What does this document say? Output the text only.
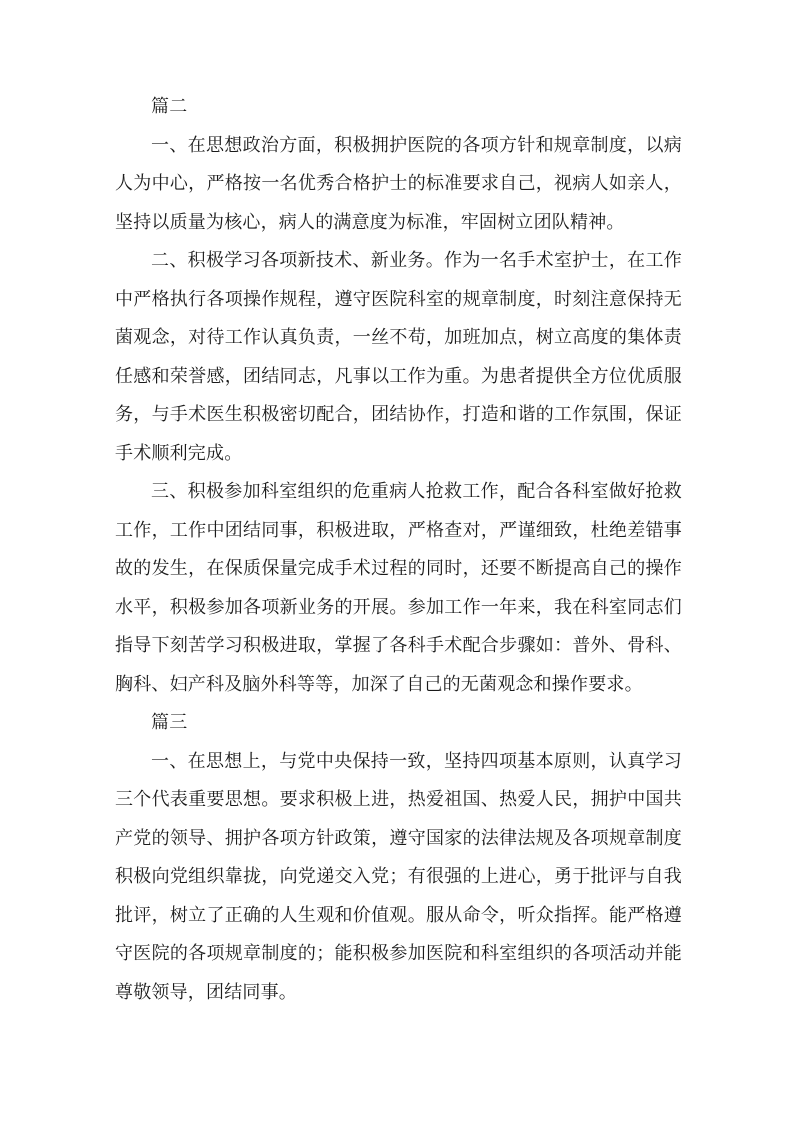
篇二

一、在思想政治方面，积极拥护医院的各项方针和规章制度，以病人为中心，严格按一名优秀合格护士的标准要求自己，视病人如亲人，坚持以质量为核心，病人的满意度为标准，牢固树立团队精神。

二、积极学习各项新技术、新业务。作为一名手术室护士，在工作中严格执行各项操作规程，遵守医院科室的规章制度，时刻注意保持无菌观念，对待工作认真负责，一丝不苟，加班加点，树立高度的集体责任感和荣誉感，团结同志，凡事以工作为重。为患者提供全方位优质服务，与手术医生积极密切配合，团结协作，打造和谐的工作氛围，保证手术顺利完成。

三、积极参加科室组织的危重病人抢救工作，配合各科室做好抢救工作，工作中团结同事，积极进取，严格查对，严谨细致，杜绝差错事故的发生，在保质保量完成手术过程的同时，还要不断提高自己的操作水平，积极参加各项新业务的开展。参加工作一年来，我在科室同志们指导下刻苦学习积极进取，掌握了各科手术配合步骤如：普外、骨科、胸科、妇产科及脑外科等等，加深了自己的无菌观念和操作要求。

篇三

一、在思想上，与党中央保持一致，坚持四项基本原则，认真学习三个代表重要思想。要求积极上进，热爱祖国、热爱人民，拥护中国共产党的领导、拥护各项方针政策，遵守国家的法律法规及各项规章制度积极向党组织靠拢，向党递交入党；有很强的上进心，勇于批评与自我批评，树立了正确的人生观和价值观。服从命令，听众指挥。能严格遵守医院的各项规章制度的；能积极参加医院和科室组织的各项活动并能尊敬领导，团结同事。
